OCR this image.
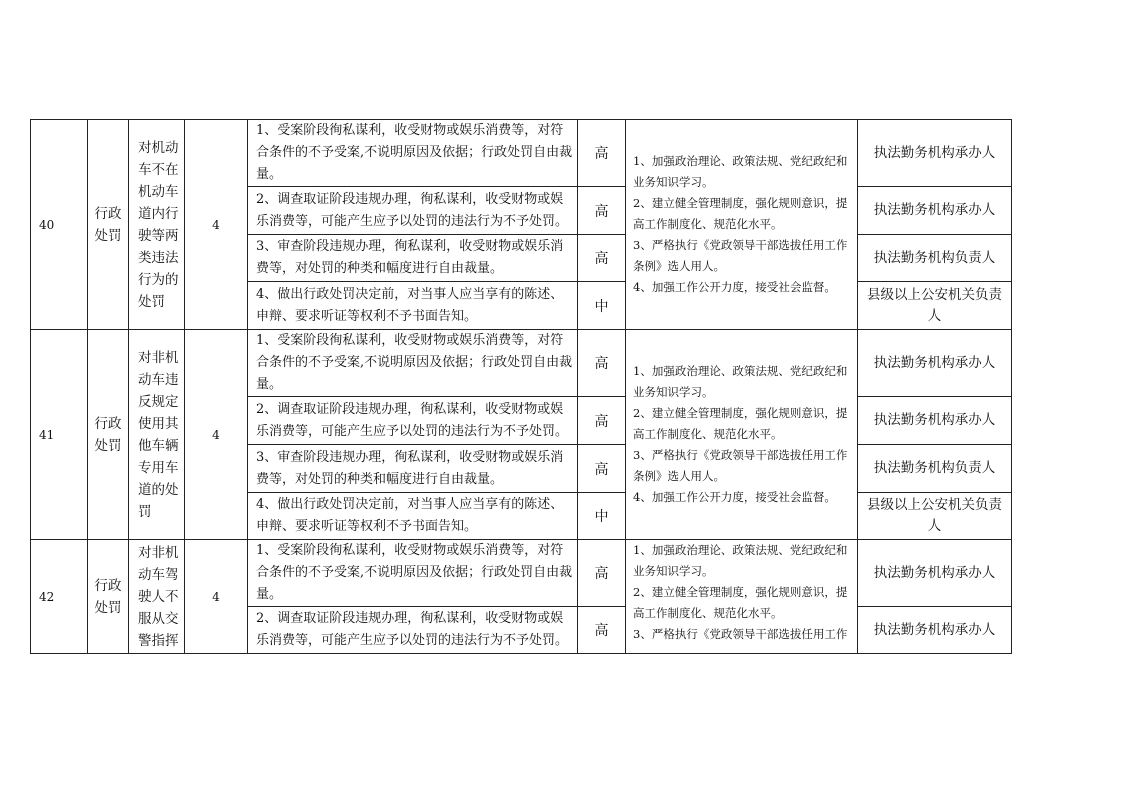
40	行政处罚	对机动车不在机动车道内行驶等两类违法行为的处罚	4	1、受案阶段徇私谋利，收受财物或娱乐消费等，对符合条件的不予受案,不说明原因及依据；行政处罚自由裁量。	高	1、加强政治理论、政策法规、党纪政纪和业务知识学习。
2、建立健全管理制度，强化规则意识，提高工作制度化、规范化水平。
3、严格执行《党政领导干部选拔任用工作条例》选人用人。
4、加强工作公开力度，接受社会监督。	执法勤务机构承办人
				2、调查取证阶段违规办理，徇私谋利，收受财物或娱乐消费等，可能产生应予以处罚的违法行为不予处罚。	高		执法勤务机构承办人
				3、审查阶段违规办理，徇私谋利，收受财物或娱乐消费等，对处罚的种类和幅度进行自由裁量。	高		执法勤务机构负责人
				4、做出行政处罚决定前，对当事人应当享有的陈述、申辩、要求听证等权利不予书面告知。	中		县级以上公安机关负责人
41	行政处罚	对非机动车违反规定使用其他车辆专用车道的处罚	4	1、受案阶段徇私谋利，收受财物或娱乐消费等，对符合条件的不予受案,不说明原因及依据；行政处罚自由裁量。	高	1、加强政治理论、政策法规、党纪政纪和业务知识学习。
2、建立健全管理制度，强化规则意识，提高工作制度化、规范化水平。
3、严格执行《党政领导干部选拔任用工作条例》选人用人。
4、加强工作公开力度，接受社会监督。	执法勤务机构承办人
				2、调查取证阶段违规办理，徇私谋利，收受财物或娱乐消费等，可能产生应予以处罚的违法行为不予处罚。	高		执法勤务机构承办人
				3、审查阶段违规办理，徇私谋利，收受财物或娱乐消费等，对处罚的种类和幅度进行自由裁量。	高		执法勤务机构负责人
				4、做出行政处罚决定前，对当事人应当享有的陈述、申辩、要求听证等权利不予书面告知。	中		县级以上公安机关负责人
42	行政处罚	对非机动车驾驶人不服从交警指挥	4	1、受案阶段徇私谋利，收受财物或娱乐消费等，对符合条件的不予受案,不说明原因及依据；行政处罚自由裁量。	高	1、加强政治理论、政策法规、党纪政纪和业务知识学习。
2、建立健全管理制度，强化规则意识，提高工作制度化、规范化水平。
3、严格执行《党政领导干部选拔任用工作	执法勤务机构承办人
				2、调查取证阶段违规办理，徇私谋利，收受财物或娱乐消费等，可能产生应予以处罚的违法行为不予处罚。	高		执法勤务机构承办人
